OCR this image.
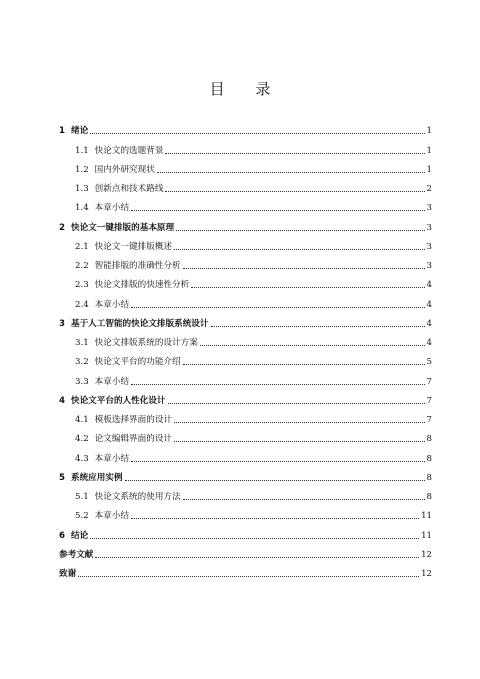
目 录
1 绪论	1
1.1 快论文的选题背景	1
1.2 国内外研究现状	1
1.3 创新点和技术路线	2
1.4 本章小结	3
2 快论文一键排版的基本原理	3
2.1 快论文一键排版概述	3
2.2 智能排版的准确性分析	3
2.3 快论文排版的快速性分析	4
2.4 本章小结	4
3 基于人工智能的快论文排版系统设计	4
3.1 快论文排版系统的设计方案	4
3.2 快论文平台的功能介绍	5
3.3 本章小结	7
4 快论文平台的人性化设计	7
4.1 模板选择界面的设计	7
4.2 论文编辑界面的设计	8
4.3 本章小结	8
5 系统应用实例	8
5.1 快论文系统的使用方法	8
5.2 本章小结	11
6 结论	11
参考文献	12
致谢	12
